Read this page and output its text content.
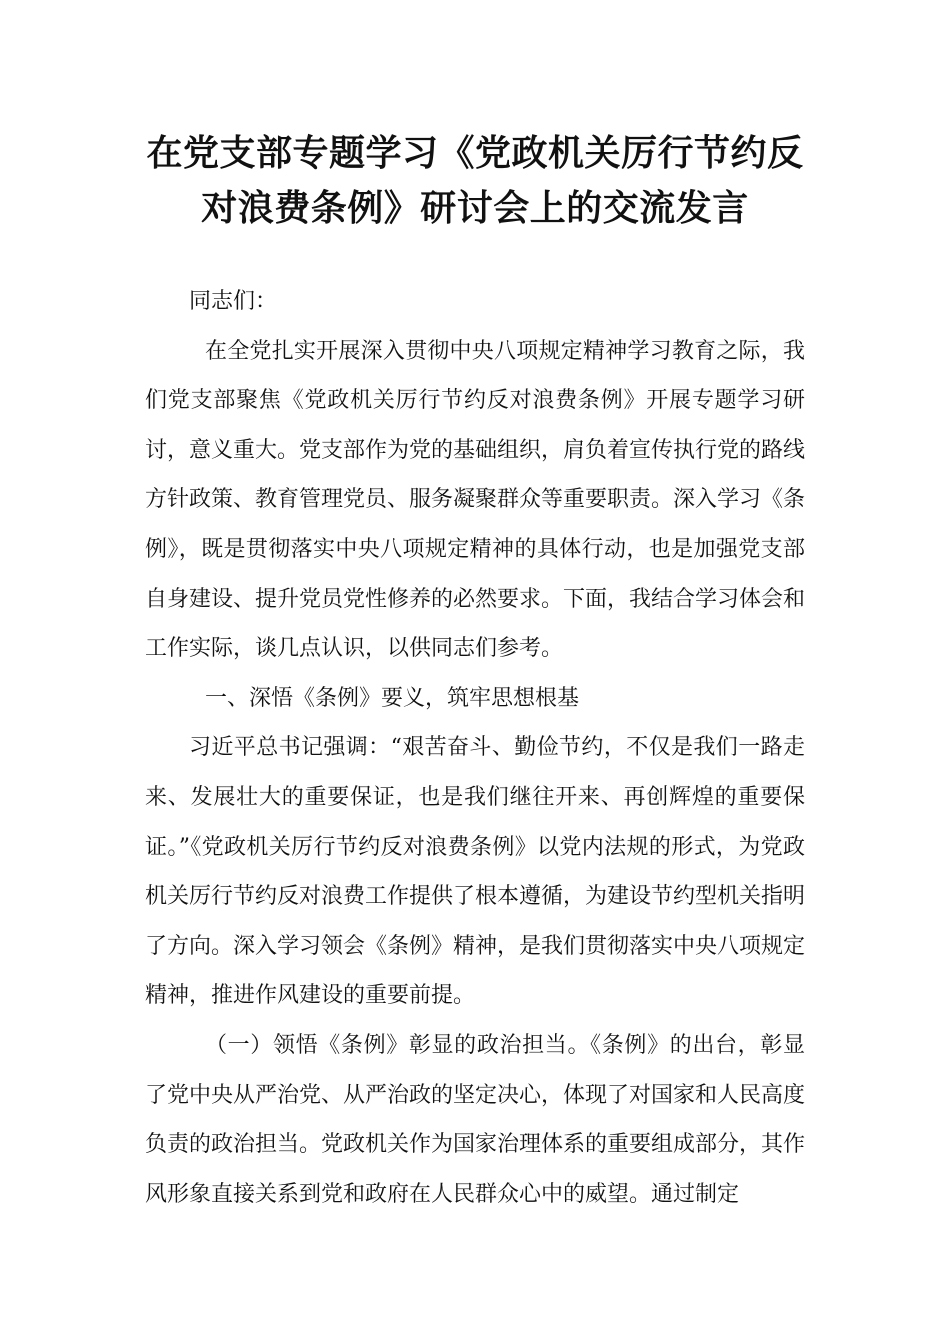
在党支部专题学习《党政机关厉行节约反
对浪费条例》研讨会上的交流发言

同志们：

在全党扎实开展深入贯彻中央八项规定精神学习教育之际，我们党支部聚焦《党政机关厉行节约反对浪费条例》开展专题学习研讨，意义重大。党支部作为党的基础组织，肩负着宣传执行党的路线方针政策、教育管理党员、服务凝聚群众等重要职责。深入学习《条例》，既是贯彻落实中央八项规定精神的具体行动，也是加强党支部自身建设、提升党员党性修养的必然要求。下面，我结合学习体会和工作实际，谈几点认识，以供同志们参考。

一、深悟《条例》要义，筑牢思想根基

习近平总书记强调：“艰苦奋斗、勤俭节约，不仅是我们一路走来、发展壮大的重要保证，也是我们继往开来、再创辉煌的重要保证。”《党政机关厉行节约反对浪费条例》以党内法规的形式，为党政机关厉行节约反对浪费工作提供了根本遵循，为建设节约型机关指明了方向。深入学习领会《条例》精神，是我们贯彻落实中央八项规定精神，推进作风建设的重要前提。

（一）领悟《条例》彰显的政治担当。《条例》的出台，彰显了党中央从严治党、从严治政的坚定决心，体现了对国家和人民高度负责的政治担当。党政机关作为国家治理体系的重要组成部分，其作风形象直接关系到党和政府在人民群众心中的威望。通过制定
